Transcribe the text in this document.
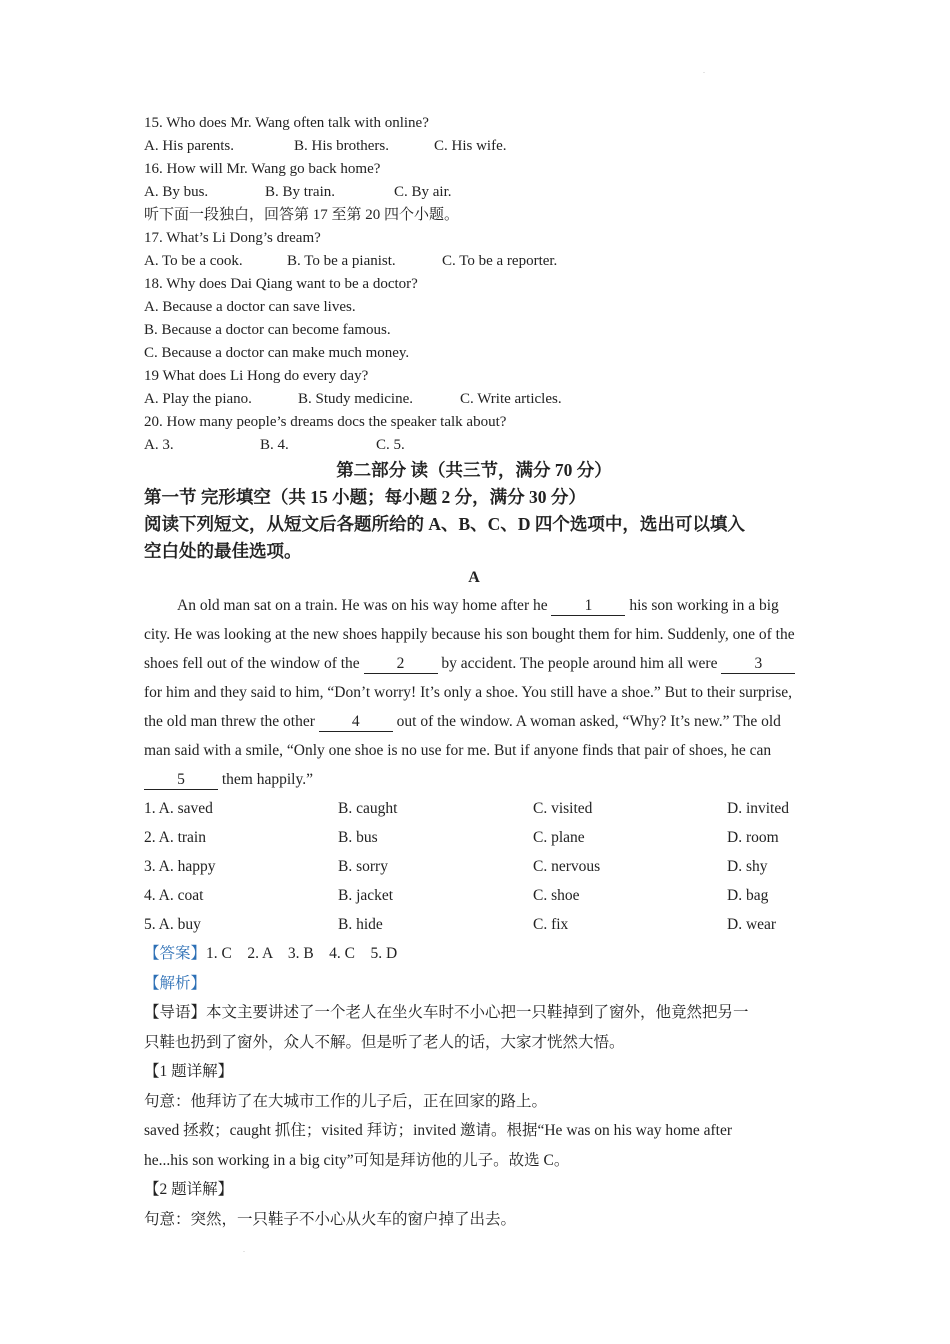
.
15. Who does Mr. Wang often talk with online?
A. His parents.	B. His brothers.	C. His wife.
16. How will Mr. Wang go back home?
A. By bus.	B. By train.	C. By air.
听下面一段独白，回答第 17 至第 20 四个小题。
17. What’s Li Dong’s dream?
A. To be a cook.	B. To be a pianist.	C. To be a reporter.
18. Why does Dai Qiang want to be a doctor?
A. Because a doctor can save lives.
B. Because a doctor can become famous.
C. Because a doctor can make much money.
19 What does Li Hong do every day?
A. Play the piano.	B. Study medicine.	C. Write articles.
20. How many people’s dreams docs the speaker talk about?
A. 3.	B. 4.	C. 5.
第二部分 读（共三节，满分 70 分）
第一节 完形填空（共 15 小题；每小题 2 分，满分 30 分）
阅读下列短文，从短文后各题所给的 A、B、C、D 四个选项中，选出可以填入
空白处的最佳选项。
A
An old man sat on a train. He was on his way home after he 1 his son working in a big city. He was looking at the new shoes happily because his son bought them for him. Suddenly, one of the shoes fell out of the window of the 2 by accident. The people around him all were 3 for him and they said to him, “Don’t worry! It’s only a shoe. You still have a shoe.” But to their surprise, the old man threw the other 4 out of the window. A woman asked, “Why? It’s new.” The old man said with a smile, “Only one shoe is no use for me. But if anyone finds that pair of shoes, he can 5 them happily.”
1. A. saved	B. caught	C. visited	D. invited
2. A. train	B. bus	C. plane	D. room
3. A. happy	B. sorry	C. nervous	D. shy
4. A. coat	B. jacket	C. shoe	D. bag
5. A. buy	B. hide	C. fix	D. wear
【答案】1. C    2. A    3. B    4. C    5. D
【解析】
【导语】本文主要讲述了一个老人在坐火车时不小心把一只鞋掉到了窗外，他竟然把另一
只鞋也扔到了窗外，众人不解。但是听了老人的话，大家才恍然大悟。
【1 题详解】
句意：他拜访了在大城市工作的儿子后，正在回家的路上。
saved 拯救；caught 抓住；visited 拜访；invited 邀请。根据“He was on his way home after
he...his son working in a big city”可知是拜访他的儿子。故选 C。
【2 题详解】
句意：突然，一只鞋子不小心从火车的窗户掉了出去。
.
